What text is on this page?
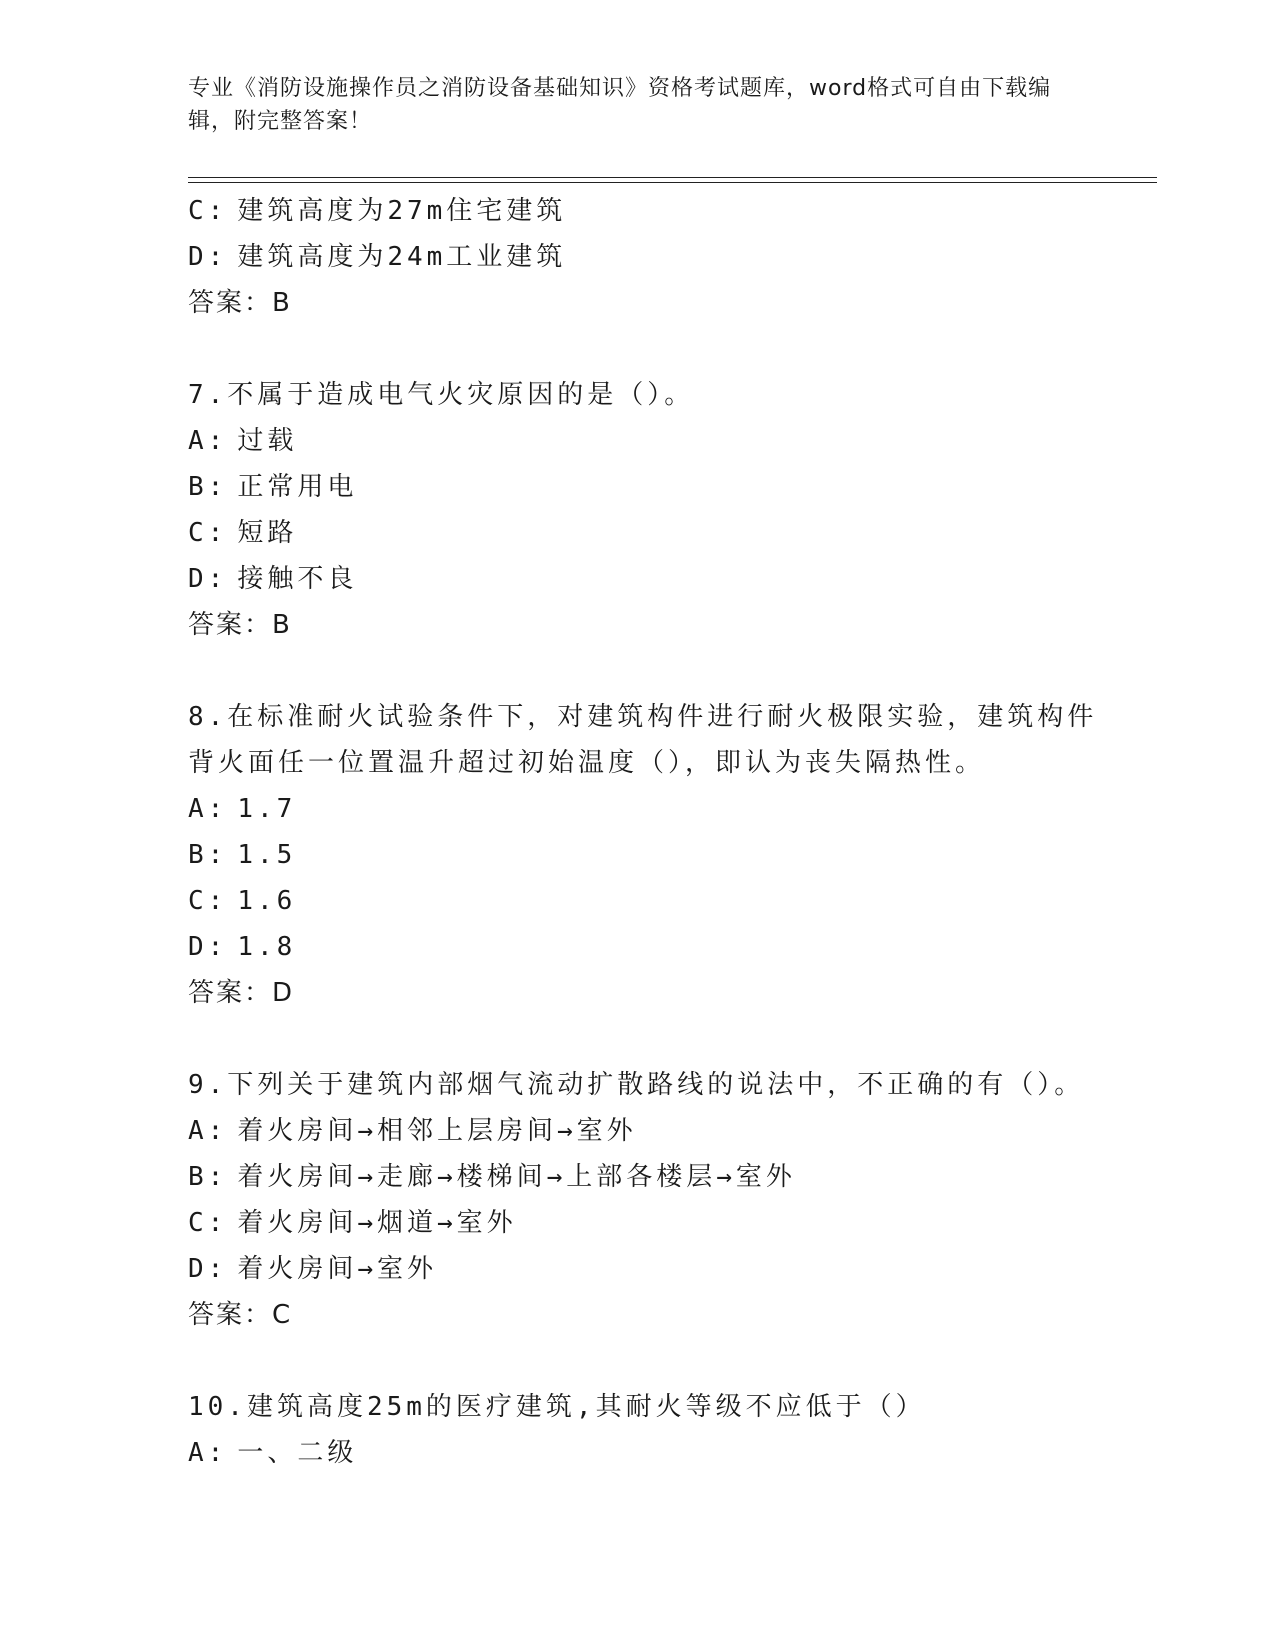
专业《消防设施操作员之消防设备基础知识》资格考试题库，word格式可自由下载编辑，附完整答案！
C: 建筑高度为27m住宅建筑
D: 建筑高度为24m工业建筑
答案：B
7.不属于造成电气火灾原因的是（）。
A: 过载
B: 正常用电
C: 短路
D: 接触不良
答案：B
8.在标准耐火试验条件下，对建筑构件进行耐火极限实验，建筑构件
背火面任一位置温升超过初始温度（），即认为丧失隔热性。
A: 1.7
B: 1.5
C: 1.6
D: 1.8
答案：D
9.下列关于建筑内部烟气流动扩散路线的说法中，不正确的有（）。
A: 着火房间→相邻上层房间→室外
B: 着火房间→走廊→楼梯间→上部各楼层→室外
C: 着火房间→烟道→室外
D: 着火房间→室外
答案：C
10.建筑高度25m的医疗建筑,其耐火等级不应低于（）
A: 一、二级
